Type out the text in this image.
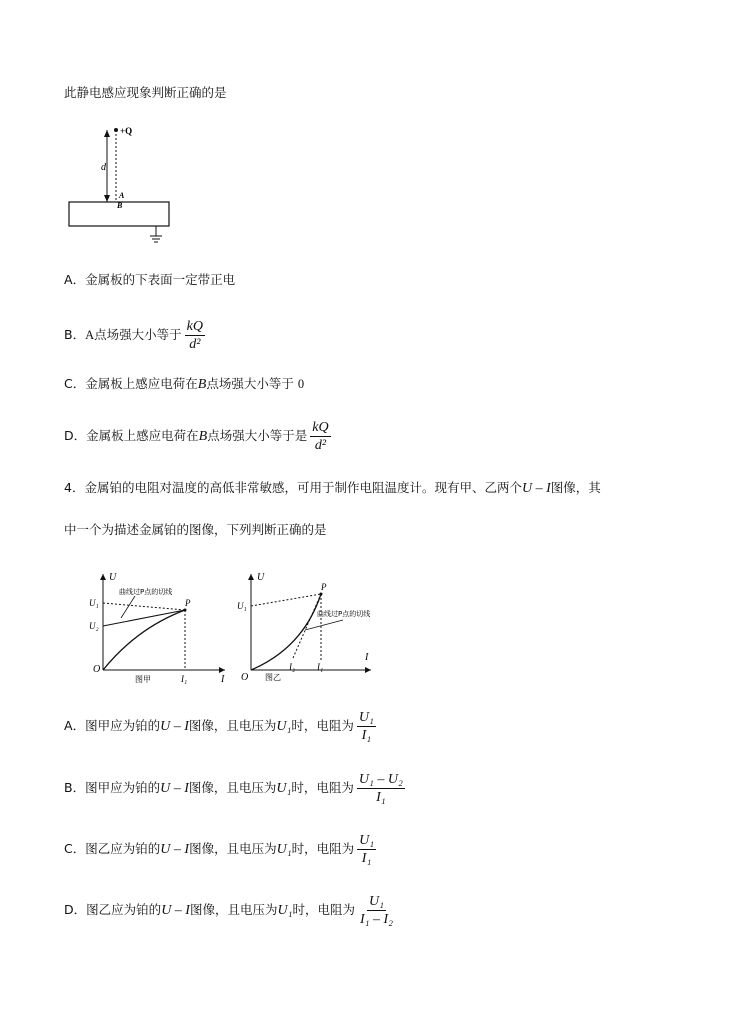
此静电感应现象判断正确的是
+Q
d
A
B
A．金属板的下表面一定带正电
B．A点场强大小等于 $\frac{kQ}{\text{d²}}$
C．金属板上感应电荷在B点场强大小等于 0
D．金属板上感应电荷在B点场强大小等于是 $\frac{kQ}{\text{d²}}$
4．金属铂的电阻对温度的高低非常敏感，可用于制作电阻温度计。现有甲、乙两个U – I图像，其
中一个为描述金属铂的图像，下列判断正确的是
U
I
O
U₁
U₂
P
I₁
图甲
曲线过P点的切线
U
I
O
U₁
P
I₂ I₁
图乙
曲线过P点的切线
A．图甲应为铂的U – I图像，且电压为U₁时，电阻为 $\frac{\text{U₁}}{\text{I₁}}$
B．图甲应为铂的U – I图像，且电压为U₁时，电阻为 $\frac{\text{U₁ – U₂}}{\text{I₁}}$
C．图乙应为铂的U – I图像，且电压为U₁时，电阻为 $\frac{\text{U₁}}{\text{I₁}}$
D．图乙应为铂的U – I图像，且电压为U₁时，电阻为 $\frac{\text{U₁}}{\text{I₁ – I₂}}$
